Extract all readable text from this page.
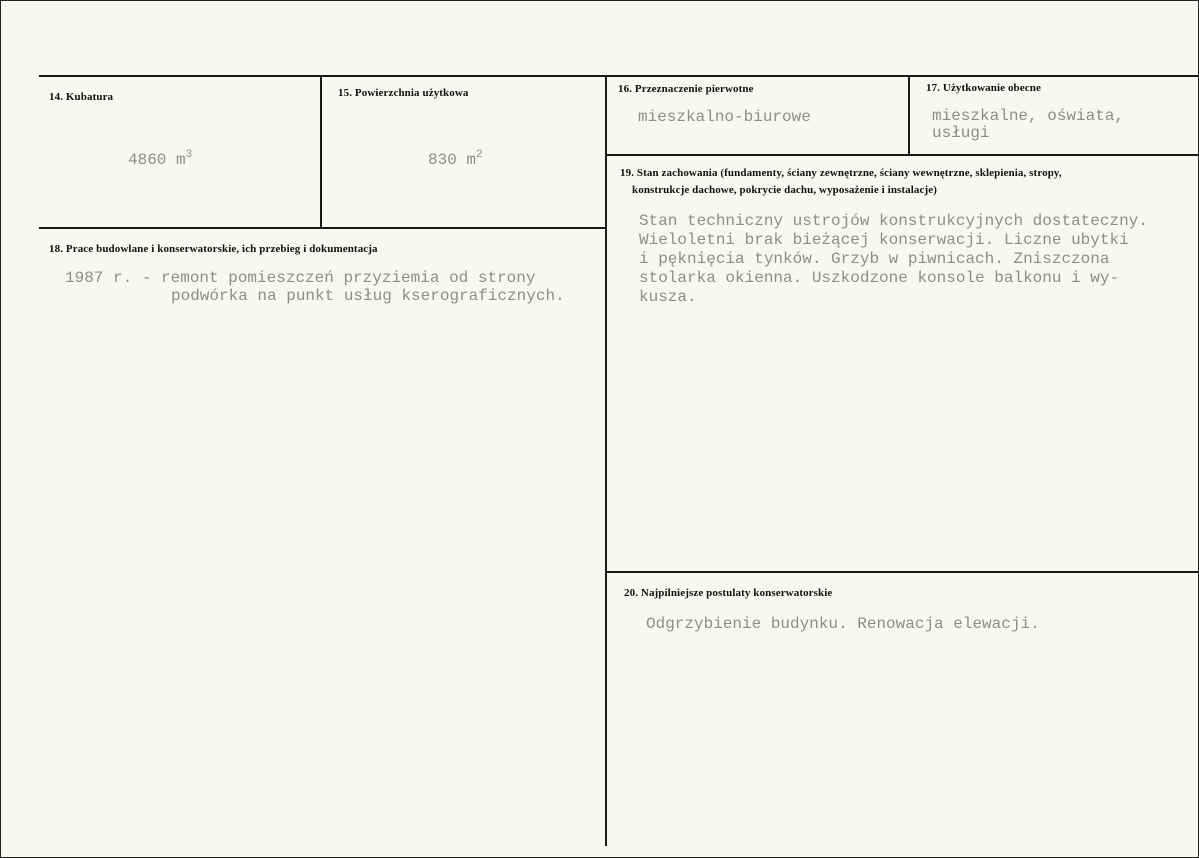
14. Kubatura
4860 $m^3$
15. Powierzchnia użytkowa
830 $m^2$
16. Przeznaczenie pierwotne
mieszkalno-biurowe
17. Użytkowanie obecne
mieszkalne, oświata,
usługi
18. Prace budowlane i konserwatorskie, ich przebieg i dokumentacja
1987 r. - remont pomieszczeń przyziemia od strony
podwórka na punkt usług kserograficznych.
19. Stan zachowania (fundamenty, ściany zewnętrzne, ściany wewnętrzne, sklepienia, stropy,
konstrukcje dachowe, pokrycie dachu, wyposażenie i instalacje)
Stan techniczny ustrojów konstrukcyjnych dostateczny.
Wieloletni brak bieżącej konserwacji. Liczne ubytki
i pęknięcia tynków. Grzyb w piwnicach. Zniszczona
stolarka okienna. Uszkodzone konsole balkonu i wy-
kusza.
20. Najpilniejsze postulaty konserwatorskie
Odgrzybienie budynku. Renowacja elewacji.
